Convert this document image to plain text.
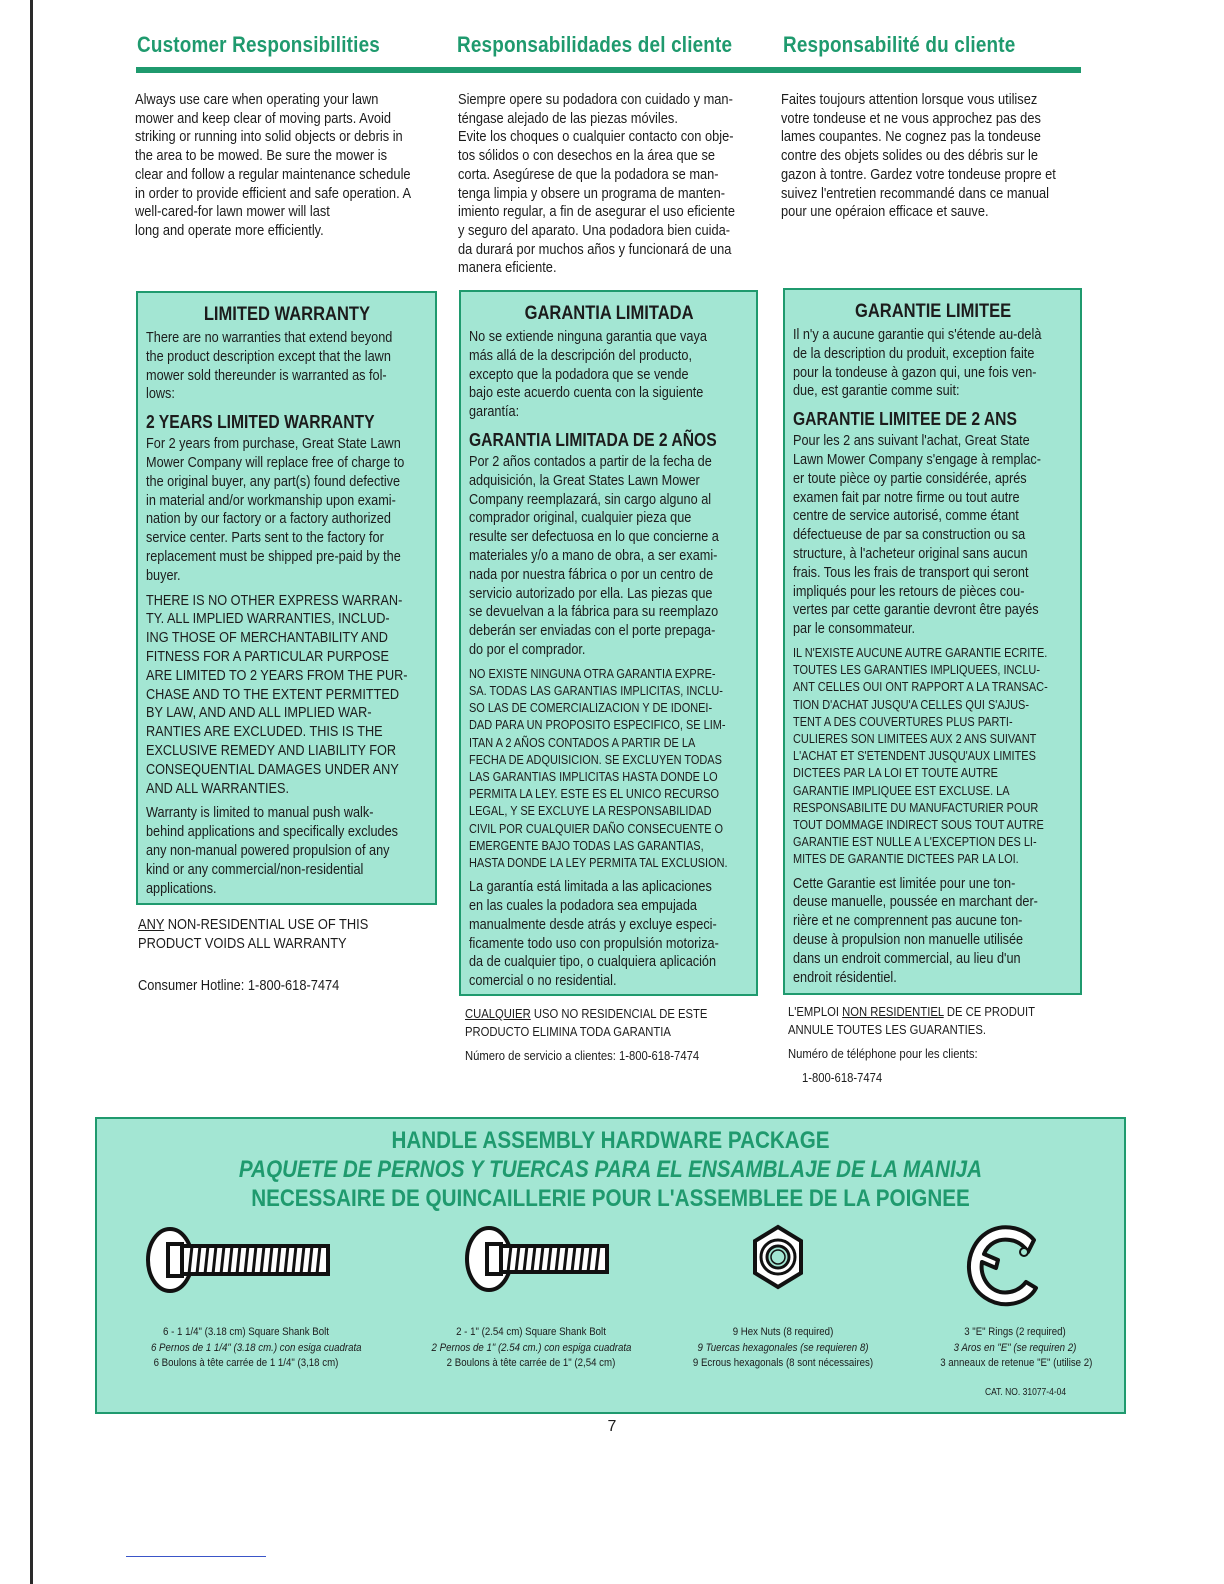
Customer Responsibilities	Responsabilidades del cliente Responsabilité du cliente

Always use care when operating your lawn

mower and keep clear of moving parts. Avoid

striking or running into solid objects or debris in

the area to be mowed. Be sure the mower is

clear and follow a regular maintenance schedule

in order to provide efficient and safe operation. A

well-cared-for lawn mower will last

long and operate more efficiently.

Siempre opere su podadora con cuidado y man-

téngase alejado de las piezas móviles.

Evite los choques o cualquier contacto con obje-

tos sólidos o con desechos en la área que se

corta. Asegúrese de que la podadora se man-

tenga limpia y obsere un programa de manten-

imiento regular, a fin de asegurar el uso eficiente

y seguro del aparato. Una podadora bien cuida-

da durará por muchos años y funcionará de una

manera eficiente.

Faites toujours attention lorsque vous utilisez

votre tondeuse et ne vous approchez pas des

lames coupantes. Ne cognez pas la tondeuse

contre des objets solides ou des débris sur le

gazon à tontre. Gardez votre tondeuse propre et

suivez l'entretien recommandé dans ce manual

pour une opéraion efficace et sauve.

LIMITED WARRANTY
There are no warranties that extend beyond
the product description except that the lawn
mower sold thereunder is warranted as fol-
lows:
2 YEARS LIMITED WARRANTY
For 2 years from purchase, Great State Lawn
Mower Company will replace free of charge to
the original buyer, any part(s) found defective
in material and/or workmanship upon exami-
nation by our factory or a factory authorized
service center. Parts sent to the factory for
replacement must be shipped pre-paid by the
buyer.
THERE IS NO OTHER EXPRESS WARRAN-
TY. ALL IMPLIED WARRANTIES, INCLUD-
ING THOSE OF MERCHANTABILITY AND
FITNESS FOR A PARTICULAR PURPOSE
ARE LIMITED TO 2 YEARS FROM THE PUR-
CHASE AND TO THE EXTENT PERMITTED
BY LAW, AND AND ALL IMPLIED WAR-
RANTIES ARE EXCLUDED. THIS IS THE
EXCLUSIVE REMEDY AND LIABILITY FOR
CONSEQUENTIAL DAMAGES UNDER ANY
AND ALL WARRANTIES.
Warranty is limited to manual push walk-
behind applications and specifically excludes
any non-manual powered propulsion of any
kind or any commercial/non-residential
applications.
ANY NON-RESIDENTIAL USE OF THIS
PRODUCT VOIDS ALL WARRANTY
Consumer Hotline: 1-800-618-7474
GARANTIA LIMITADA
No se extiende ninguna garantia que vaya
más allá de la descripción del producto,
excepto que la podadora que se vende
bajo este acuerdo cuenta con la siguiente
garantía:
GARANTIA LIMITADA DE 2 AÑOS
Por 2 años contados a partir de la fecha de
adquisición, la Great States Lawn Mower
Company reemplazará, sin cargo alguno al
comprador original, cualquier pieza que
resulte ser defectuosa en lo que concierne a
materiales y/o a mano de obra, a ser exami-
nada por nuestra fábrica o por un centro de
servicio autorizado por ella. Las piezas que
se devuelvan a la fábrica para su reemplazo
deberán ser enviadas con el porte prepaga-
do por el comprador.
NO EXISTE NINGUNA OTRA GARANTIA EXPRE-
SA. TODAS LAS GARANTIAS IMPLICITAS, INCLU-
SO LAS DE COMERCIALIZACION Y DE IDONEI-
DAD PARA UN PROPOSITO ESPECIFICO, SE LIM-
ITAN A 2 AÑOS CONTADOS A PARTIR DE LA
FECHA DE ADQUISICION. SE EXCLUYEN TODAS
LAS GARANTIAS IMPLICITAS HASTA DONDE LO
PERMITA LA LEY. ESTE ES EL UNICO RECURSO
LEGAL, Y SE EXCLUYE LA RESPONSABILIDAD
CIVIL POR CUALQUIER DAÑO CONSECUENTE O
EMERGENTE BAJO TODAS LAS GARANTIAS,
HASTA DONDE LA LEY PERMITA TAL EXCLUSION.
La garantía está limitada a las aplicaciones
en las cuales la podadora sea empujada
manualmente desde atrás y excluye especi-
ficamente todo uso con propulsión motoriza-
da de cualquier tipo, o cualquiera aplicación
comercial o no residential.
CUALQUIER USO NO RESIDENCIAL DE ESTE
PRODUCTO ELIMINA TODA GARANTIA
Número de servicio a clientes: 1-800-618-7474
GARANTIE LIMITEE
Il n'y a aucune garantie qui s'étende au-delà
de la description du produit, exception faite
pour la tondeuse à gazon qui, une fois ven-
due, est garantie comme suit:
GARANTIE LIMITEE DE 2 ANS
Pour les 2 ans suivant l'achat, Great State
Lawn Mower Company s'engage à remplac-
er toute pièce oy partie considérée, aprés
examen fait par notre firme ou tout autre
centre de service autorisé, comme étant
défectueuse de par sa construction ou sa
structure, à l'acheteur original sans aucun
frais. Tous les frais de transport qui seront
impliqués pour les retours de pièces cou-
vertes par cette garantie devront être payés
par le consommateur.
IL N'EXISTE AUCUNE AUTRE GARANTIE ECRITE.
TOUTES LES GARANTIES IMPLIQUEES, INCLU-
ANT CELLES OUI ONT RAPPORT A LA TRANSAC-
TION D'ACHAT JUSQU'A CELLES QUI S'AJUS-
TENT A DES COUVERTURES PLUS PARTI-
CULIERES SON LIMITEES AUX 2 ANS SUIVANT
L'ACHAT ET S'ETENDENT JUSQU'AUX LIMITES
DICTEES PAR LA LOI ET TOUTE AUTRE
GARANTIE IMPLIQUEE EST EXCLUSE. LA
RESPONSABILITE DU MANUFACTURIER POUR
TOUT DOMMAGE INDIRECT SOUS TOUT AUTRE
GARANTIE EST NULLE A L'EXCEPTION DES LI-
MITES DE GARANTIE DICTEES PAR LA LOI.
Cette Garantie est limitée pour une ton-
deuse manuelle, poussée en marchant der-
rière et ne comprennent pas aucune ton-
deuse à propulsion non manuelle utilisée
dans un endroit commercial, au lieu d'un
endroit résidentiel.
L'EMPLOI NON RESIDENTIEL DE CE PRODUIT
ANNULE TOUTES LES GUARANTIES.
Numéro de téléphone pour les clients:
1-800-618-7474
HANDLE ASSEMBLY HARDWARE PACKAGE
PAQUETE DE PERNOS Y TUERCAS PARA EL ENSAMBLAJE DE LA MANIJA
NECESSAIRE DE QUINCAILLERIE POUR L'ASSEMBLEE DE LA POIGNEE
6 - 1 1/4" (3.18 cm) Square Shank Bolt
6 Pernos de 1 1/4" (3.18 cm.) con esiga cuadrata
6 Boulons à tête carrée de 1 1/4" (3,18 cm)
2 - 1" (2.54 cm) Square Shank Bolt
2 Pernos de 1" (2.54 cm.) con espiga cuadrata
2 Boulons à tête carrée de 1" (2,54 cm)
9 Hex Nuts (8 required)
9 Tuercas hexagonales (se requieren 8)
9 Ecrous hexagonals (8 sont nécessaires)
3 "E" Rings (2 required)
3 Aros en "E" (se requiren 2)
3 anneaux de retenue "E" (utilise 2)
CAT. NO. 31077-4-04
7
